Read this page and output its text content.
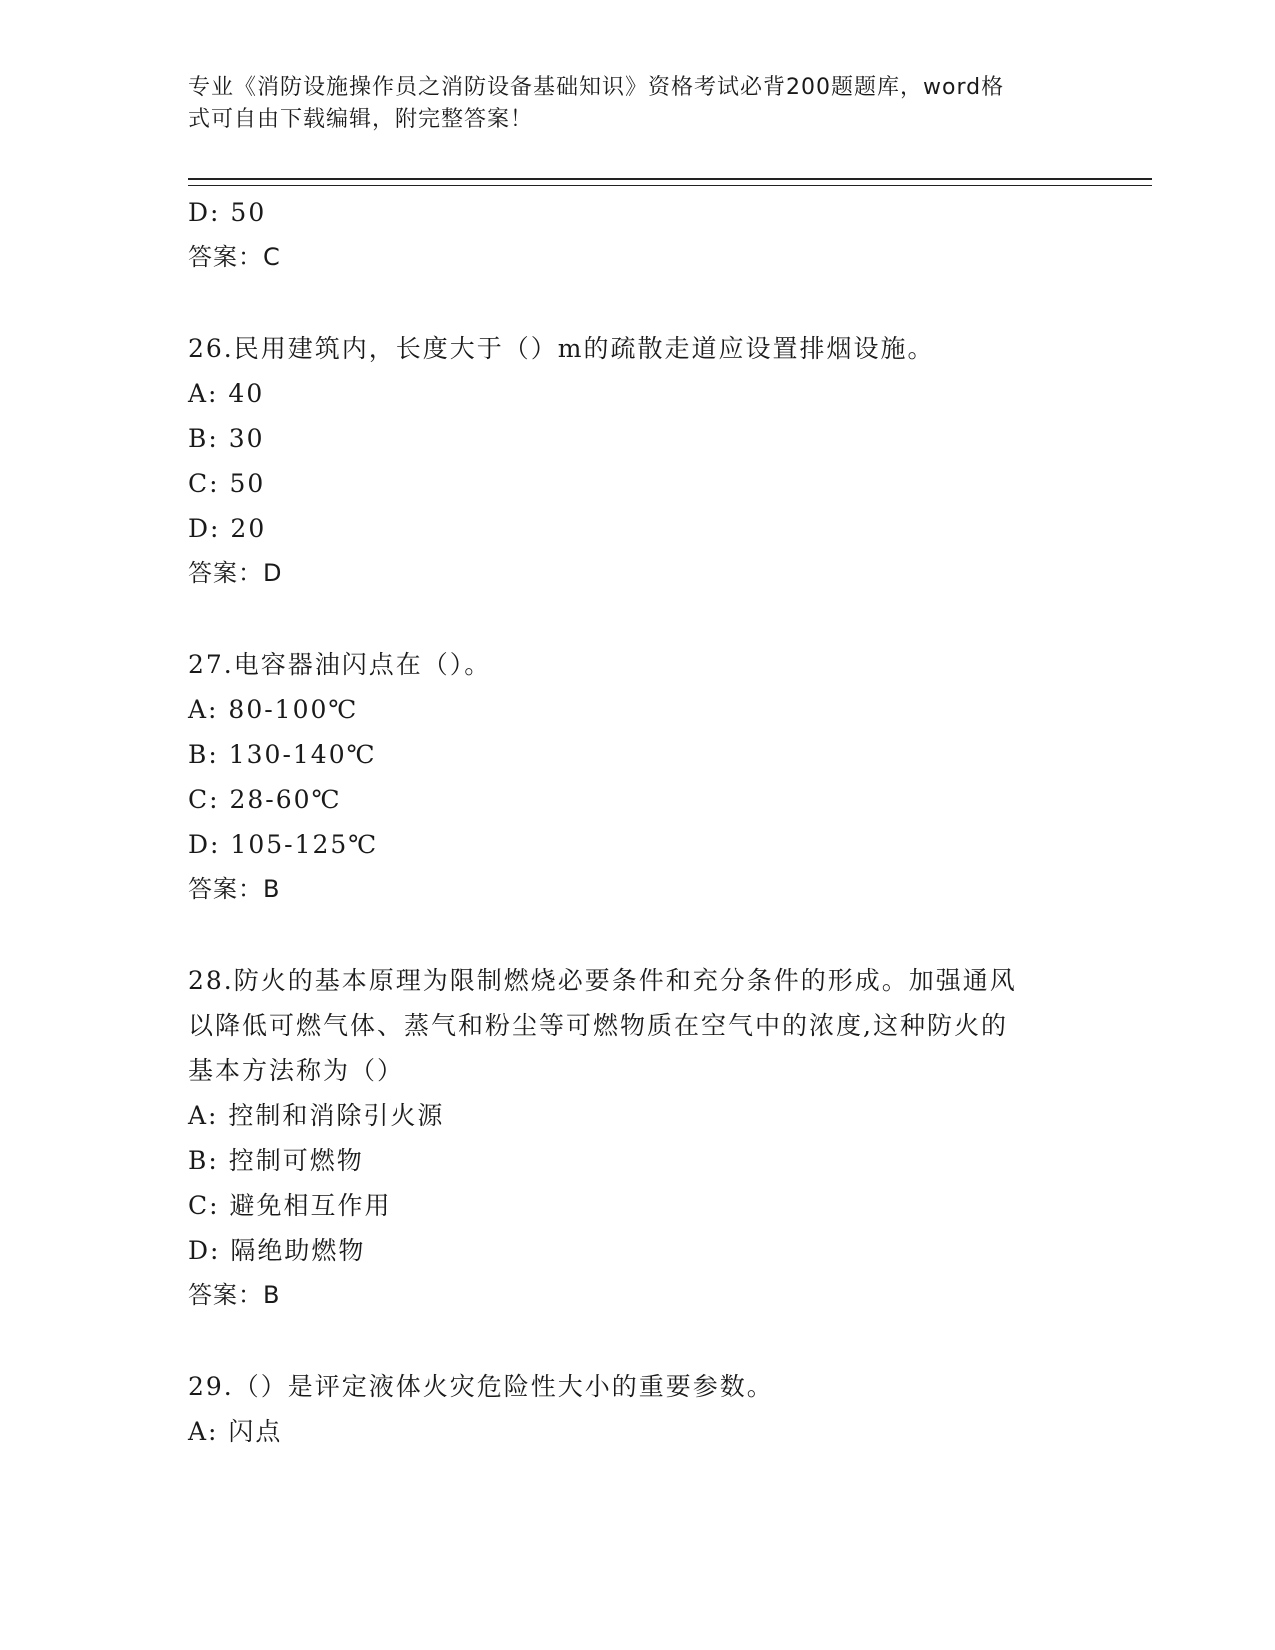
专业《消防设施操作员之消防设备基础知识》资格考试必背200题题库，word格
式可自由下载编辑，附完整答案！
D: 50
答案：C
26.民用建筑内，长度大于（）m的疏散走道应设置排烟设施。
A: 40
B: 30
C: 50
D: 20
答案：D
27.电容器油闪点在（）。
A: 80-100℃
B: 130-140℃
C: 28-60℃
D: 105-125℃
答案：B
28.防火的基本原理为限制燃烧必要条件和充分条件的形成。加强通风
以降低可燃气体、蒸气和粉尘等可燃物质在空气中的浓度,这种防火的
基本方法称为（）
A: 控制和消除引火源
B: 控制可燃物
C: 避免相互作用
D: 隔绝助燃物
答案：B
29.（）是评定液体火灾危险性大小的重要参数。
A: 闪点
